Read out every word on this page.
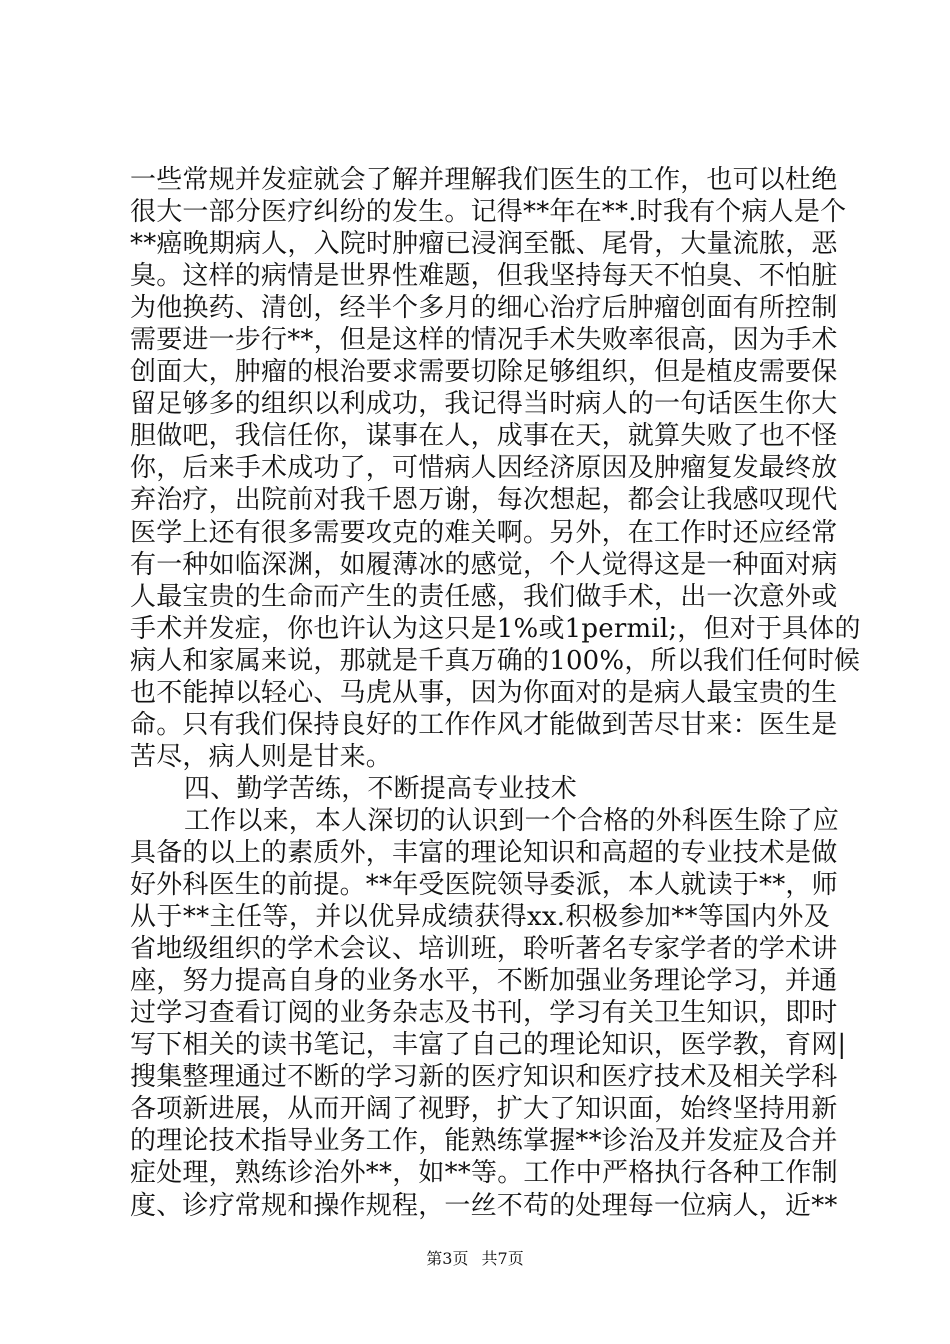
一些常规并发症就会了解并理解我们医生的工作，也可以杜绝
很大一部分医疗纠纷的发生。记得**年在**.时我有个病人是个
**癌晚期病人，入院时肿瘤已浸润至骶、尾骨，大量流脓，恶
臭。这样的病情是世界性难题，但我坚持每天不怕臭、不怕脏
为他换药、清创，经半个多月的细心治疗后肿瘤创面有所控制
需要进一步行**，但是这样的情况手术失败率很高，因为手术
创面大，肿瘤的根治要求需要切除足够组织，但是植皮需要保
留足够多的组织以利成功，我记得当时病人的一句话医生你大
胆做吧，我信任你，谋事在人，成事在天，就算失败了也不怪
你，后来手术成功了，可惜病人因经济原因及肿瘤复发最终放
弃治疗，出院前对我千恩万谢，每次想起，都会让我感叹现代
医学上还有很多需要攻克的难关啊。另外，在工作时还应经常
有一种如临深渊，如履薄冰的感觉，个人觉得这是一种面对病
人最宝贵的生命而产生的责任感，我们做手术，出一次意外或
手术并发症，你也许认为这只是1%或1permil;，但对于具体的
病人和家属来说，那就是千真万确的100%，所以我们任何时候
也不能掉以轻心、马虎从事，因为你面对的是病人最宝贵的生
命。只有我们保持良好的工作作风才能做到苦尽甘来：医生是
苦尽，病人则是甘来。
四、勤学苦练，不断提高专业技术
工作以来，本人深切的认识到一个合格的外科医生除了应
具备的以上的素质外，丰富的理论知识和高超的专业技术是做
好外科医生的前提。**年受医院领导委派，本人就读于**，师
从于**主任等，并以优异成绩获得xx.积极参加**等国内外及
省地级组织的学术会议、培训班，聆听著名专家学者的学术讲
座，努力提高自身的业务水平，不断加强业务理论学习，并通
过学习查看订阅的业务杂志及书刊，学习有关卫生知识，即时
写下相关的读书笔记，丰富了自己的理论知识，医学教，育网|
搜集整理通过不断的学习新的医疗知识和医疗技术及相关学科
各项新进展，从而开阔了视野，扩大了知识面，始终坚持用新
的理论技术指导业务工作，能熟练掌握**诊治及并发症及合并
症处理，熟练诊治外**，如**等。工作中严格执行各种工作制
度、诊疗常规和操作规程，一丝不苟的处理每一位病人，近**
第3页 共7页
